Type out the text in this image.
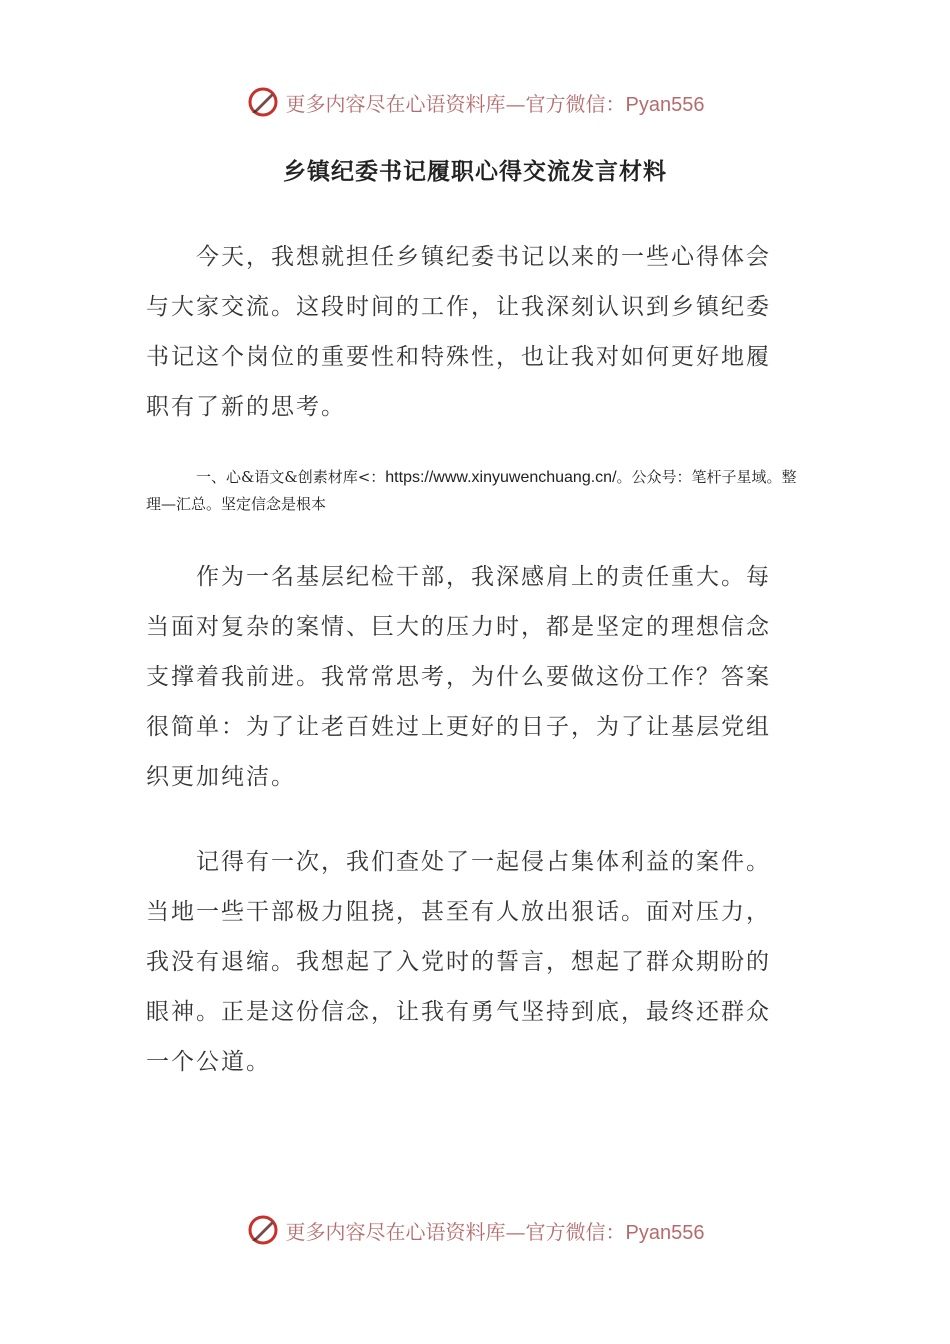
更多内容尽在心语资料库—官方微信：Pyan556
乡镇纪委书记履职心得交流发言材料

今天，我想就担任乡镇纪委书记以来的一些心得体会与大家交流。这段时间的工作，让我深刻认识到乡镇纪委书记这个岗位的重要性和特殊性，也让我对如何更好地履职有了新的思考。

一、心&语文&创素材库<：https://www.xinyuwenchuang.cn/。公众号：笔杆子星域。整理—汇总。坚定信念是根本

作为一名基层纪检干部，我深感肩上的责任重大。每当面对复杂的案情、巨大的压力时，都是坚定的理想信念支撑着我前进。我常常思考，为什么要做这份工作？答案很简单：为了让老百姓过上更好的日子，为了让基层党组织更加纯洁。

记得有一次，我们查处了一起侵占集体利益的案件。当地一些干部极力阻挠，甚至有人放出狠话。面对压力，我没有退缩。我想起了入党时的誓言，想起了群众期盼的眼神。正是这份信念，让我有勇气坚持到底，最终还群众一个公道。

更多内容尽在心语资料库—官方微信：Pyan556
